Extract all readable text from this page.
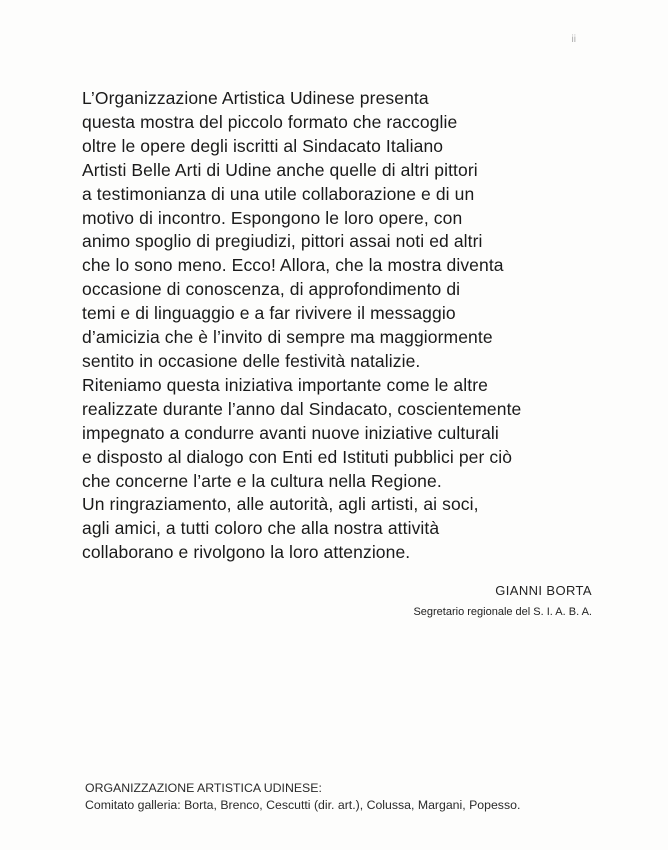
ii

L’Organizzazione Artistica Udinese presenta
questa mostra del piccolo formato che raccoglie
oltre le opere degli iscritti al Sindacato Italiano
Artisti Belle Arti di Udine anche quelle di altri pittori
a testimonianza di una utile collaborazione e di un
motivo di incontro. Espongono le loro opere, con
animo spoglio di pregiudizi, pittori assai noti ed altri
che lo sono meno. Ecco! Allora, che la mostra diventa
occasione di conoscenza, di approfondimento di
temi e di linguaggio e a far rivivere il messaggio
d’amicizia che è l’invito di sempre ma maggiormente
sentito in occasione delle festività natalizie.
Riteniamo questa iniziativa importante come le altre
realizzate durante l’anno dal Sindacato, coscientemente
impegnato a condurre avanti nuove iniziative culturali
e disposto al dialogo con Enti ed Istituti pubblici per ciò
che concerne l’arte e la cultura nella Regione.
Un ringraziamento, alle autorità, agli artisti, ai soci,
agli amici, a tutti coloro che alla nostra attività
collaborano e rivolgono la loro attenzione.

GIANNI BORTA
Segretario regionale del S. I. A. B. A.
ORGANIZZAZIONE ARTISTICA UDINESE:
Comitato galleria: Borta, Brenco, Cescutti (dir. art.), Colussa, Margani, Popesso.
